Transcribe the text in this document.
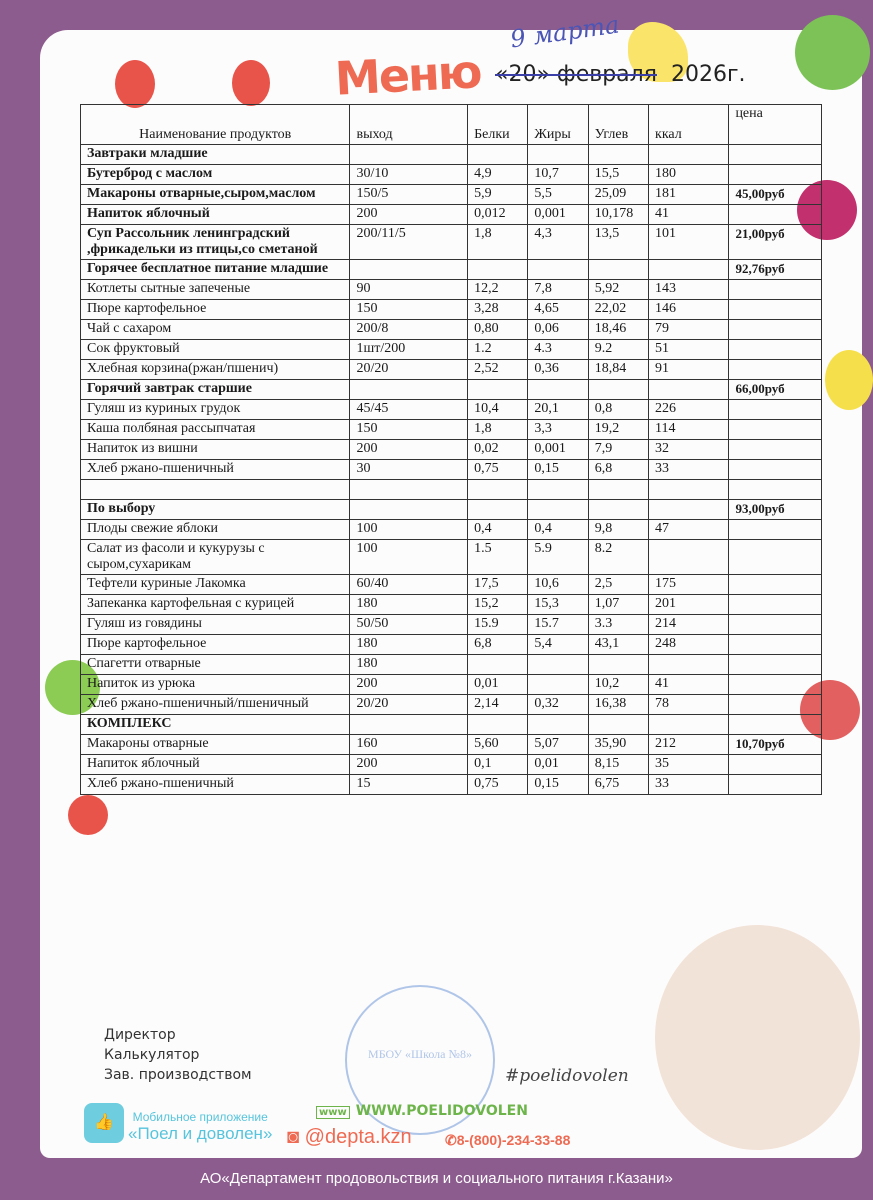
Меню
9 марта
«20» февраля 2026г.
Наименование продуктов	выход	Белки	Жиры	Углев	ккал	цена
Завтраки младшие						
Бутерброд с маслом	30/10	4,9	10,7	15,5	180	
Макароны отварные,сыром,маслом	150/5	5,9	5,5	25,09	181	45,00руб
Напиток яблочный	200	0,012	0,001	10,178	41	
Суп Рассольник ленинградский ,фрикадельки из птицы,со сметаной	200/11/5	1,8	4,3	13,5	101	21,00руб
Горячее бесплатное питание младшие						92,76руб
Котлеты сытные запеченые	90	12,2	7,8	5,92	143	
Пюре картофельное	150	3,28	4,65	22,02	146	
Чай с сахаром	200/8	0,80	0,06	18,46	79	
Сок фруктовый	1шт/200	1.2	4.3	9.2	51	
Хлебная корзина(ржан/пшенич)	20/20	2,52	0,36	18,84	91	
Горячий завтрак старшие						66,00руб
Гуляш из куриных грудок	45/45	10,4	20,1	0,8	226	
Каша полбяная рассыпчатая	150	1,8	3,3	19,2	114	
Напиток из вишни	200	0,02	0,001	7,9	32	
Хлеб ржано-пшеничный	30	0,75	0,15	6,8	33	

По выбору						93,00руб
Плоды свежие яблоки	100	0,4	0,4	9,8	47	
Салат из фасоли и кукурузы с сыром,сухарикам	100	1.5	5.9	8.2		
Тефтели куриные Лакомка	60/40	17,5	10,6	2,5	175	
Запеканка картофельная с курицей	180	15,2	15,3	1,07	201	
Гуляш из говядины	50/50	15.9	15.7	3.3	214	
Пюре картофельное	180	6,8	5,4	43,1	248	
Спагетти отварные	180					
Напиток из урюка	200	0,01		10,2	41	
Хлеб ржано-пшеничный/пшеничный	20/20	2,14	0,32	16,38	78	
КОМПЛЕКС						
Макароны отварные	160	5,60	5,07	35,90	212	10,70руб
Напиток яблочный	200	0,1	0,01	8,15	35	
Хлеб ржано-пшеничный	15	0,75	0,15	6,75	33	
Директор
Калькулятор
Зав. производством
МБОУ «Школа №8»
#poelidovolen
👍	Мобильное приложение
«Поел и доволен»
www WWW.POELIDOVOLEN
◙ @depta.kzn ✆8-(800)-234-33-88
АО«Департамент продовольствия и социального питания г.Казани»
